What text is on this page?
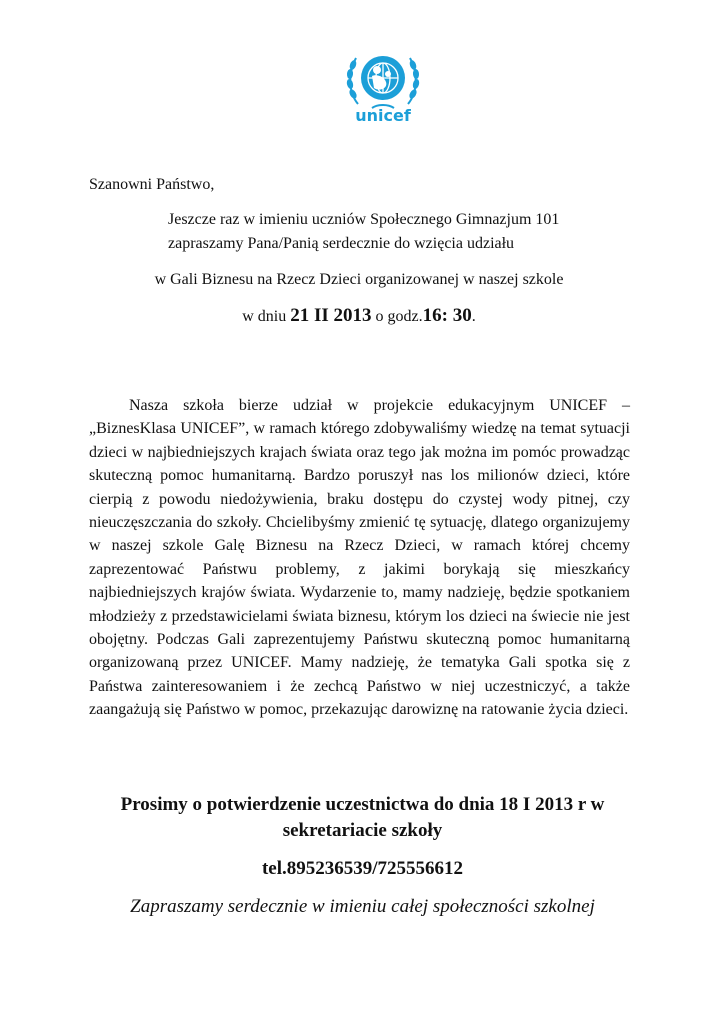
unicef
Szanowni Państwo,
Jeszcze raz w imieniu uczniów Społecznego Gimnazjum 101
zapraszamy Pana/Panią serdecznie do wzięcia udziału
w Gali Biznesu na Rzecz Dzieci organizowanej w naszej szkole
w dniu 21 II 2013 o godz.16: 30.

Nasza szkoła bierze udział w projekcie edukacyjnym UNICEF – „BiznesKlasa UNICEF”, w ramach którego zdobywaliśmy wiedzę na temat sytuacji dzieci w najbiedniejszych krajach świata oraz tego jak można im pomóc prowadząc skuteczną pomoc humanitarną. Bardzo poruszył nas los milionów dzieci, które cierpią z powodu niedożywienia, braku dostępu do czystej wody pitnej, czy nieuczęszczania do szkoły. Chcielibyśmy zmienić tę sytuację, dlatego organizujemy w naszej szkole Galę Biznesu na Rzecz Dzieci, w ramach której chcemy zaprezentować Państwu problemy, z jakimi borykają się mieszkańcy najbiedniejszych krajów świata. Wydarzenie to, mamy nadzieję, będzie spotkaniem młodzieży z przedstawicielami świata biznesu, którym los dzieci na świecie nie jest obojętny. Podczas Gali zaprezentujemy Państwu skuteczną pomoc humanitarną organizowaną przez UNICEF. Mamy nadzieję, że tematyka Gali spotka się z Państwa zainteresowaniem i że zechcą Państwo w niej uczestniczyć, a także zaangażują się Państwo w pomoc, przekazując darowiznę na ratowanie życia dzieci.

Prosimy o potwierdzenie uczestnictwa do dnia 18 I 2013 r w sekretariacie szkoły
tel.895236539/725556612
Zapraszamy serdecznie w imieniu całej społeczności szkolnej
